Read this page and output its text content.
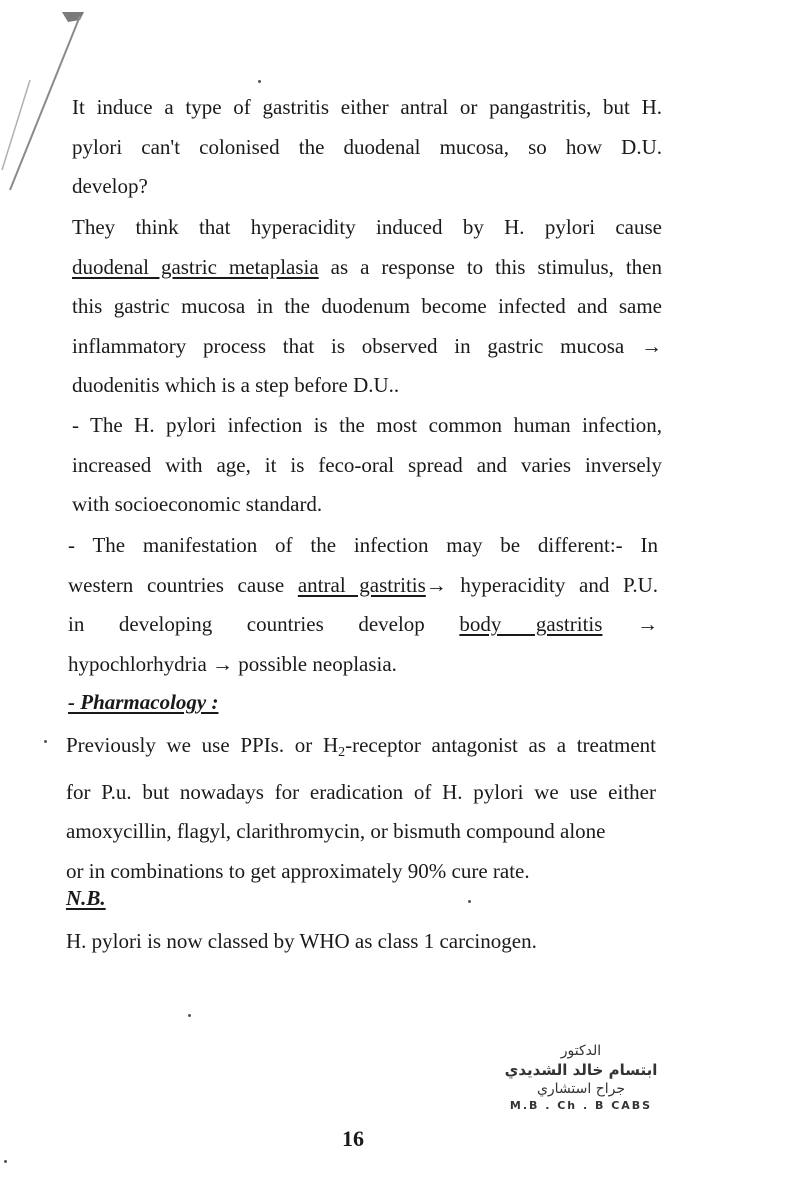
It induce a type of gastritis either antral or pangastritis, but H.
pylori can't colonised the duodenal mucosa, so how D.U.
develop?
They think that hyperacidity induced by H. pylori cause
duodenal gastric metaplasia as a response to this stimulus, then
this gastric mucosa in the duodenum become infected and same
inflammatory process that is observed in gastric mucosa →
duodenitis which is a step before D.U..
- The H. pylori infection is the most common human infection,
increased with age, it is feco-oral spread and varies inversely
with socioeconomic standard.
- The manifestation of the infection may be different:- In
western countries cause antral gastritis→ hyperacidity and P.U.
in developing countries develop body gastritis →
hypochlorhydria → possible neoplasia.
- Pharmacology :
Previously we use PPIs. or $H_2$-receptor antagonist as a treatment
for P.u. but nowadays for eradication of H. pylori we use either
amoxycillin, flagyl, clarithromycin, or bismuth compound alone
or in combinations to get approximately 90% cure rate.
N.B.
H. pylori is now classed by WHO as class 1 carcinogen.
الدكتور
ابتسام خالد الشديدي
جراح استشاري
M.B . Ch . B CABS
16
